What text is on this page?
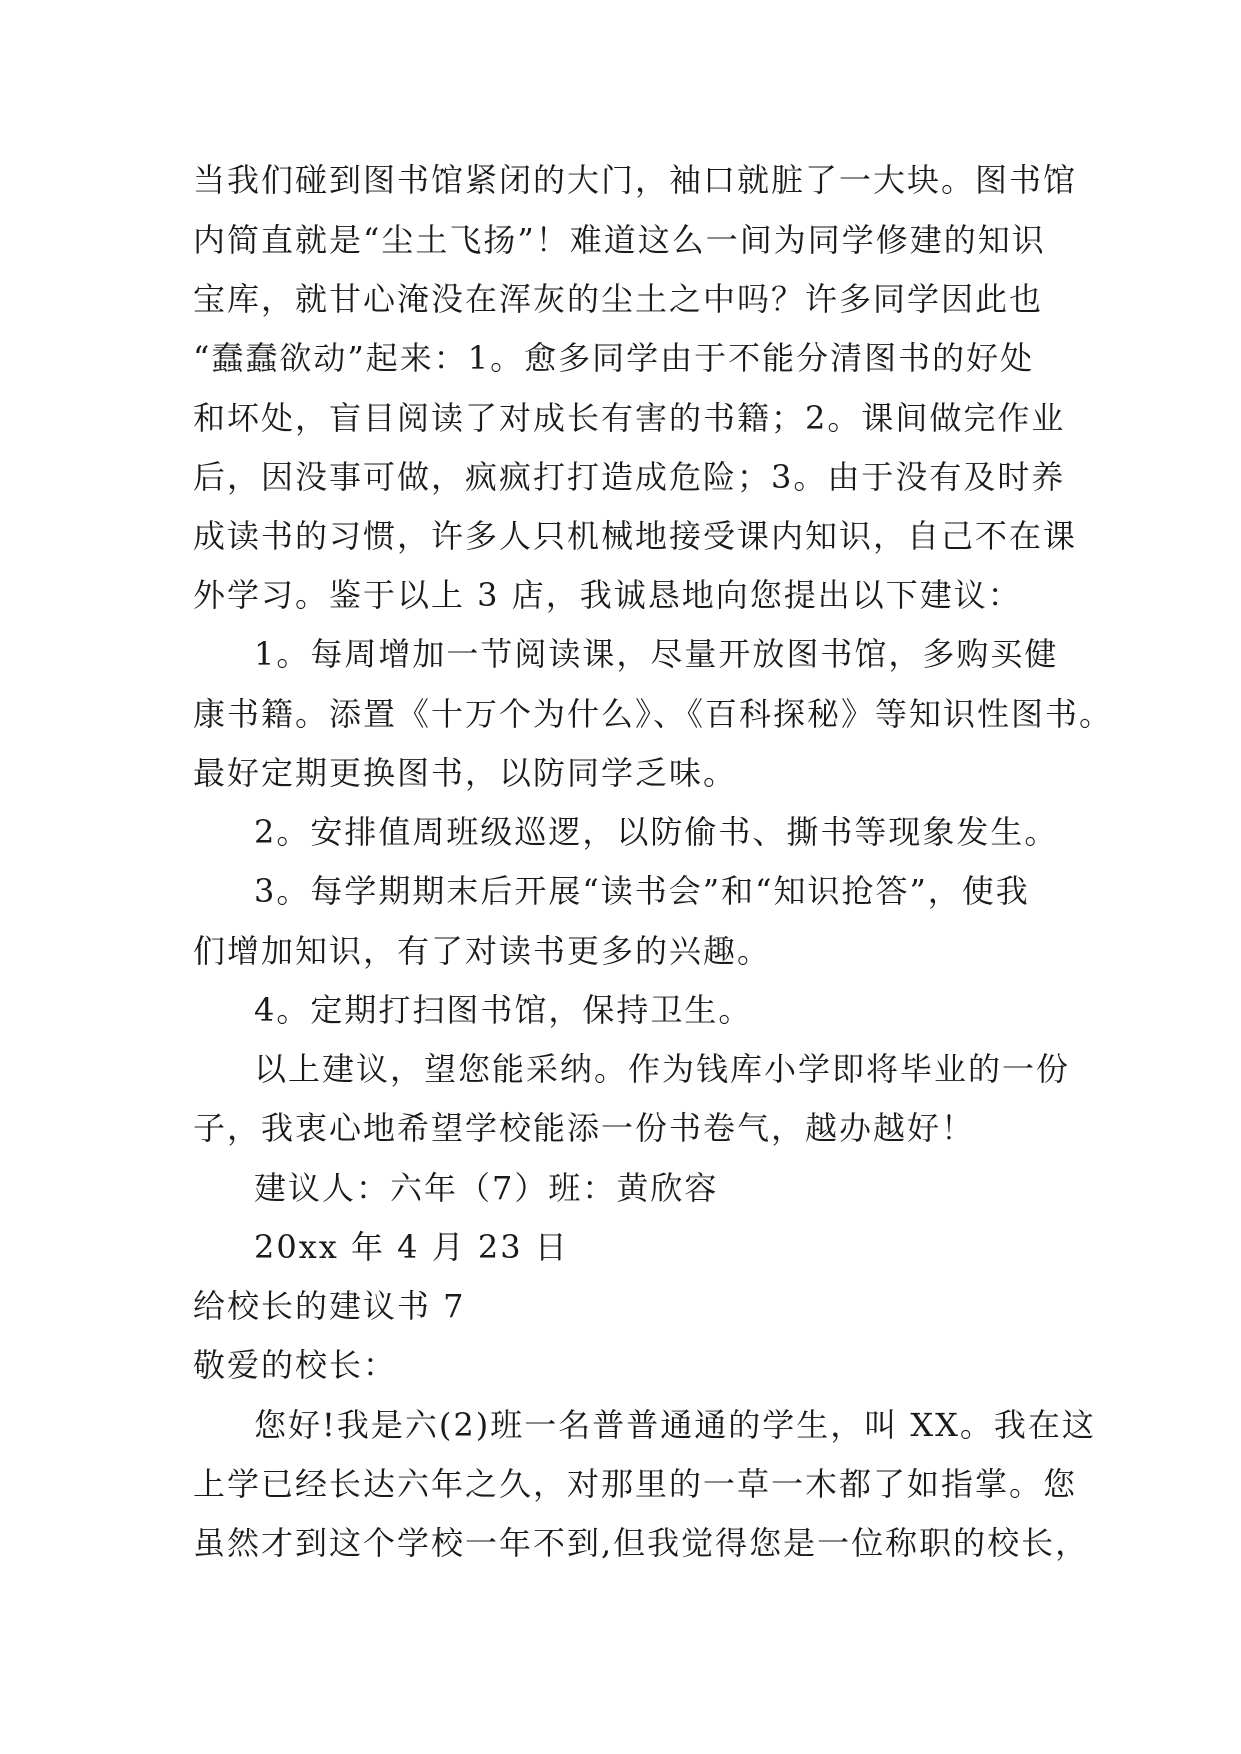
当我们碰到图书馆紧闭的大门，袖口就脏了一大块。图书馆
内简直就是“尘土飞扬”！难道这么一间为同学修建的知识
宝库，就甘心淹没在浑灰的尘土之中吗？许多同学因此也
“蠢蠢欲动”起来：1。愈多同学由于不能分清图书的好处
和坏处，盲目阅读了对成长有害的书籍；2。课间做完作业
后，因没事可做，疯疯打打造成危险；3。由于没有及时养
成读书的习惯，许多人只机械地接受课内知识，自己不在课
外学习。鉴于以上 3 店，我诚恳地向您提出以下建议：
1。每周增加一节阅读课，尽量开放图书馆，多购买健
康书籍。添置《十万个为什么》、《百科探秘》等知识性图书。
最好定期更换图书，以防同学乏味。
2。安排值周班级巡逻，以防偷书、撕书等现象发生。
3。每学期期末后开展“读书会”和“知识抢答”，使我
们增加知识，有了对读书更多的兴趣。
4。定期打扫图书馆，保持卫生。
以上建议，望您能采纳。作为钱库小学即将毕业的一份
子，我衷心地希望学校能添一份书卷气，越办越好！
建议人：六年（7）班：黄欣容
20xx 年 4 月 23 日
给校长的建议书 7
敬爱的校长：
您好!我是六(2)班一名普普通通的学生，叫 XX。我在这
上学已经长达六年之久，对那里的一草一木都了如指掌。您
虽然才到这个学校一年不到,但我觉得您是一位称职的校长，
